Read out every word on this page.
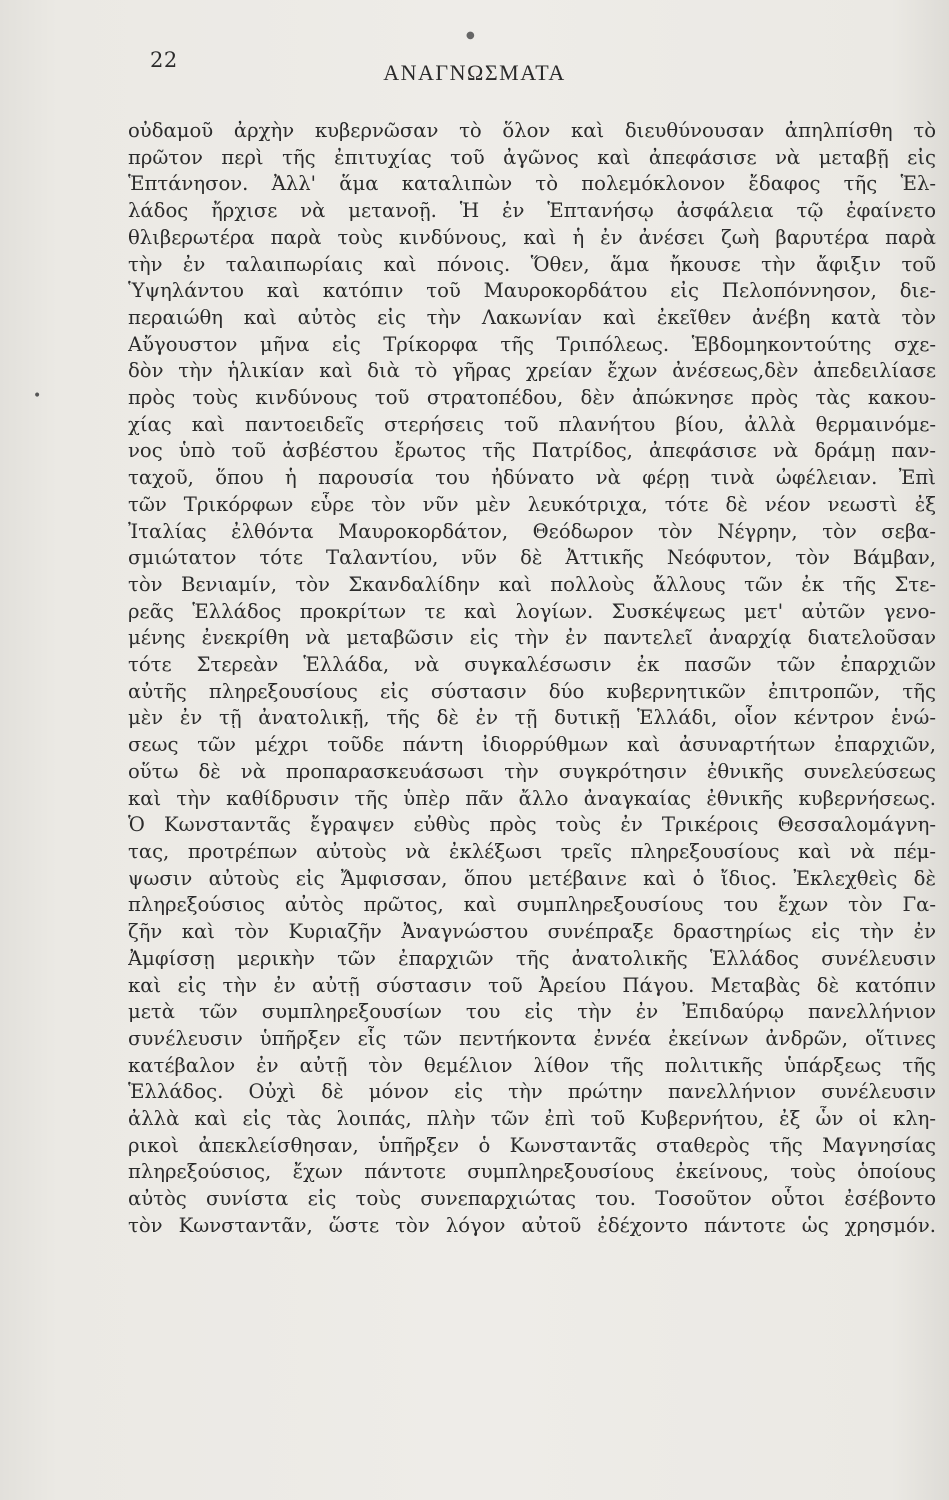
●
22	ΑΝΑΓΝΩΣΜΑΤΑ
•
οὐδαμοῦ ἀρχὴν κυβερνῶσαν τὸ ὅλον καὶ διευθύνουσαν ἀπηλπίσθη τὸ
πρῶτον περὶ τῆς ἐπιτυχίας τοῦ ἀγῶνος καὶ ἀπεφάσισε νὰ μεταβῇ εἰς
Ἑπτάνησον. Ἀλλ' ἅμα καταλιπὼν τὸ πολεμόκλονον ἔδαφος τῆς Ἑλ-
λάδος ἤρχισε νὰ μετανοῇ. Ἡ ἐν Ἑπτανήσῳ ἀσφάλεια τῷ ἐφαίνετο
θλιβερωτέρα παρὰ τοὺς κινδύνους, καὶ ἡ ἐν ἀνέσει ζωὴ βαρυτέρα παρὰ
τὴν ἐν ταλαιπωρίαις καὶ πόνοις. Ὅθεν, ἅμα ἤκουσε τὴν ἄφιξιν τοῦ
Ὑψηλάντου καὶ κατόπιν τοῦ Μαυροκορδάτου εἰς Πελοπόννησον, διε-
περαιώθη καὶ αὐτὸς εἰς τὴν Λακωνίαν καὶ ἐκεῖθεν ἀνέβη κατὰ τὸν
Αὔγουστον μῆνα εἰς Τρίκορφα τῆς Τριπόλεως. Ἑβδομηκοντούτης σχε-
δὸν τὴν ἡλικίαν καὶ διὰ τὸ γῆρας χρείαν ἔχων ἀνέσεως,δὲν ἀπεδειλίασε
πρὸς τοὺς κινδύνους τοῦ στρατοπέδου, δὲν ἀπώκνησε πρὸς τὰς κακου-
χίας καὶ παντοειδεῖς στερήσεις τοῦ πλανήτου βίου, ἀλλὰ θερμαινόμε-
νος ὑπὸ τοῦ ἀσβέστου ἔρωτος τῆς Πατρίδος, ἀπεφάσισε νὰ δράμῃ παν-
ταχοῦ, ὅπου ἡ παρουσία του ἠδύνατο νὰ φέρῃ τινὰ ὠφέλειαν. Ἐπὶ
τῶν Τρικόρφων εὗρε τὸν νῦν μὲν λευκότριχα, τότε δὲ νέον νεωστὶ ἐξ
Ἰταλίας ἐλθόντα Μαυροκορδάτον, Θεόδωρον τὸν Νέγρην, τὸν σεβα-
σμιώτατον τότε Ταλαντίου, νῦν δὲ Ἀττικῆς Νεόφυτον, τὸν Βάμβαν,
τὸν Βενιαμίν, τὸν Σκανδαλίδην καὶ πολλοὺς ἄλλους τῶν ἐκ τῆς Στε-
ρεᾶς Ἑλλάδος προκρίτων τε καὶ λογίων. Συσκέψεως μετ' αὐτῶν γενο-
μένης ἐνεκρίθη νὰ μεταβῶσιν εἰς τὴν ἐν παντελεῖ ἀναρχίᾳ διατελοῦσαν
τότε Στερεὰν Ἑλλάδα, νὰ συγκαλέσωσιν ἐκ πασῶν τῶν ἐπαρχιῶν
αὐτῆς πληρεξουσίους εἰς σύστασιν δύο κυβερνητικῶν ἐπιτροπῶν, τῆς
μὲν ἐν τῇ ἀνατολικῇ, τῆς δὲ ἐν τῇ δυτικῇ Ἑλλάδι, οἷον κέντρον ἑνώ-
σεως τῶν μέχρι τοῦδε πάντη ἰδιορρύθμων καὶ ἀσυναρτήτων ἐπαρχιῶν,
οὕτω δὲ νὰ προπαρασκευάσωσι τὴν συγκρότησιν ἐθνικῆς συνελεύσεως
καὶ τὴν καθίδρυσιν τῆς ὑπὲρ πᾶν ἄλλο ἀναγκαίας ἐθνικῆς κυβερνήσεως.
Ὁ Κωνσταντᾶς ἔγραψεν εὐθὺς πρὸς τοὺς ἐν Τρικέροις Θεσσαλομάγνη-
τας, προτρέπων αὐτοὺς νὰ ἐκλέξωσι τρεῖς πληρεξουσίους καὶ νὰ πέμ-
ψωσιν αὐτοὺς εἰς Ἄμφισσαν, ὅπου μετέβαινε καὶ ὁ ἴδιος. Ἐκλεχθεὶς δὲ
πληρεξούσιος αὐτὸς πρῶτος, καὶ συμπληρεξουσίους του ἔχων τὸν Γα-
ζῆν καὶ τὸν Κυριαζῆν Ἀναγνώστου συνέπραξε δραστηρίως εἰς τὴν ἐν
Ἀμφίσσῃ μερικὴν τῶν ἐπαρχιῶν τῆς ἀνατολικῆς Ἑλλάδος συνέλευσιν
καὶ εἰς τὴν ἐν αὐτῇ σύστασιν τοῦ Ἀρείου Πάγου. Μεταβὰς δὲ κατόπιν
μετὰ τῶν συμπληρεξουσίων του εἰς τὴν ἐν Ἐπιδαύρῳ πανελλήνιον
συνέλευσιν ὑπῆρξεν εἷς τῶν πεντήκοντα ἐννέα ἐκείνων ἀνδρῶν, οἵτινες
κατέβαλον ἐν αὐτῇ τὸν θεμέλιον λίθον τῆς πολιτικῆς ὑπάρξεως τῆς
Ἑλλάδος. Οὐχὶ δὲ μόνον εἰς τὴν πρώτην πανελλήνιον συνέλευσιν
ἀλλὰ καὶ εἰς τὰς λοιπάς, πλὴν τῶν ἐπὶ τοῦ Κυβερνήτου, ἐξ ὧν οἱ κλη-
ρικοὶ ἀπεκλείσθησαν, ὑπῆρξεν ὁ Κωνσταντᾶς σταθερὸς τῆς Μαγνησίας
πληρεξούσιος, ἔχων πάντοτε συμπληρεξουσίους ἐκείνους, τοὺς ὁποίους
αὐτὸς συνίστα εἰς τοὺς συνεπαρχιώτας του. Τοσοῦτον οὗτοι ἐσέβοντο
τὸν Κωνσταντᾶν, ὥστε τὸν λόγον αὐτοῦ ἐδέχοντο πάντοτε ὡς χρησμόν.
